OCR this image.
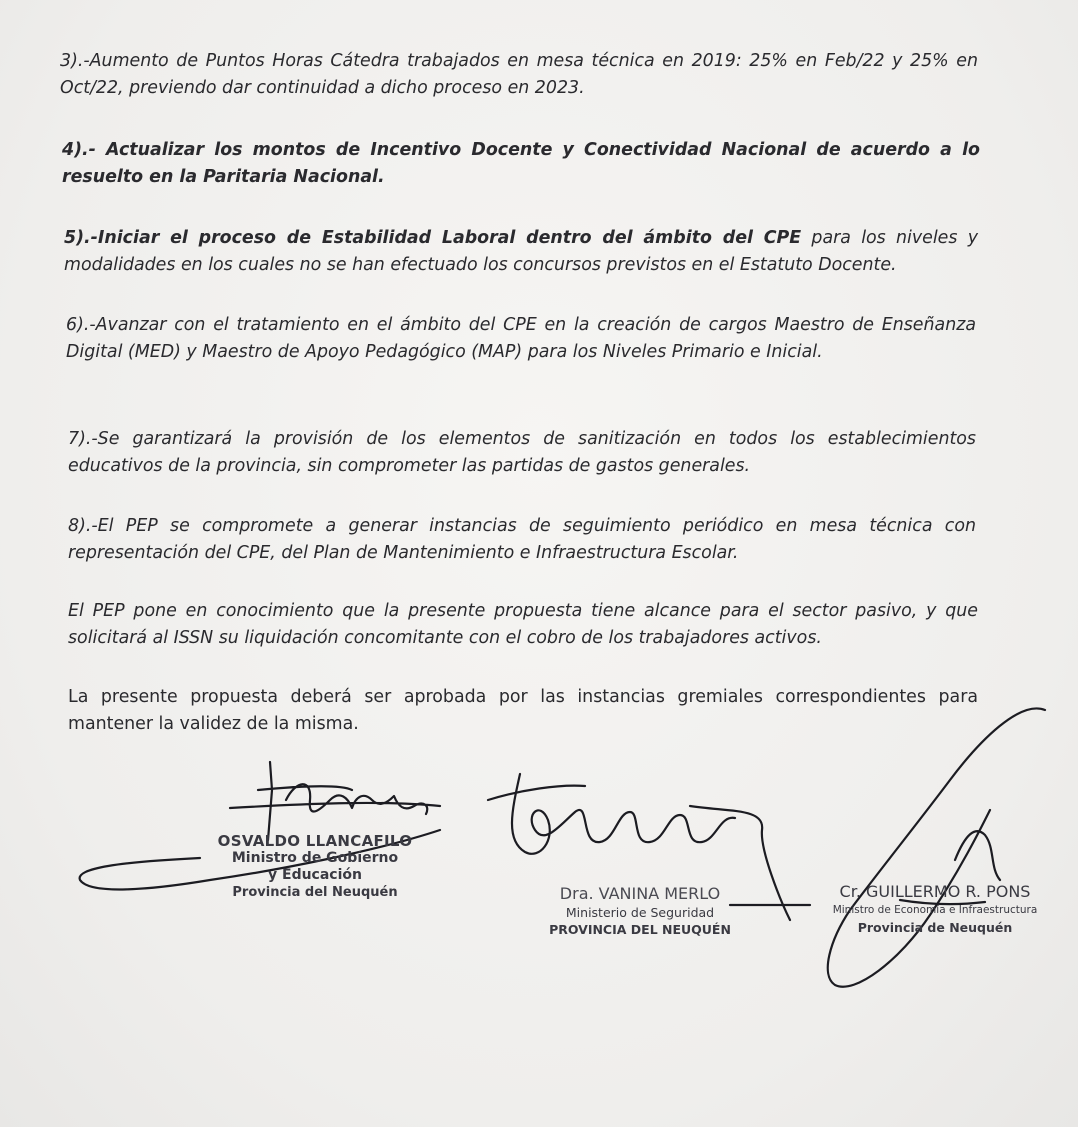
3).-Aumento de Puntos Horas Cátedra trabajados en mesa técnica en 2019: 25% en Feb/22 y 25% en Oct/22, previendo dar continuidad a dicho proceso en 2023.

4).- Actualizar los montos de Incentivo Docente y Conectividad Nacional de acuerdo a lo resuelto en la Paritaria Nacional.

5).-Iniciar el proceso de Estabilidad Laboral dentro del ámbito del CPE para los niveles y modalidades en los cuales no se han efectuado los concursos previstos en el Estatuto Docente.

6).-Avanzar con el tratamiento en el ámbito del CPE en la creación de cargos Maestro de Enseñanza Digital (MED) y Maestro de Apoyo Pedagógico (MAP) para los Niveles Primario e Inicial.

7).-Se garantizará la provisión de los elementos de sanitización en todos los establecimientos educativos de la provincia, sin comprometer las partidas de gastos generales.

8).-El PEP se compromete a generar instancias de seguimiento periódico en mesa técnica con representación del CPE, del Plan de Mantenimiento e Infraestructura Escolar.

El PEP pone en conocimiento que la presente propuesta tiene alcance para el sector pasivo, y que solicitará al ISSN su liquidación concomitante con el cobro de los trabajadores activos.

La presente propuesta deberá ser aprobada por las instancias gremiales correspondientes para mantener la validez de la misma.

OSVALDO LLANCAFILO
Ministro de Gobierno
y Educación
Provincia del Neuquén	Dra. VANINA MERLO
Ministerio de Seguridad
PROVINCIA DEL NEUQUÉN
Cr. GUILLERMO R. PONS
Ministro de Economía e Infraestructura
Provincia de Neuquén
